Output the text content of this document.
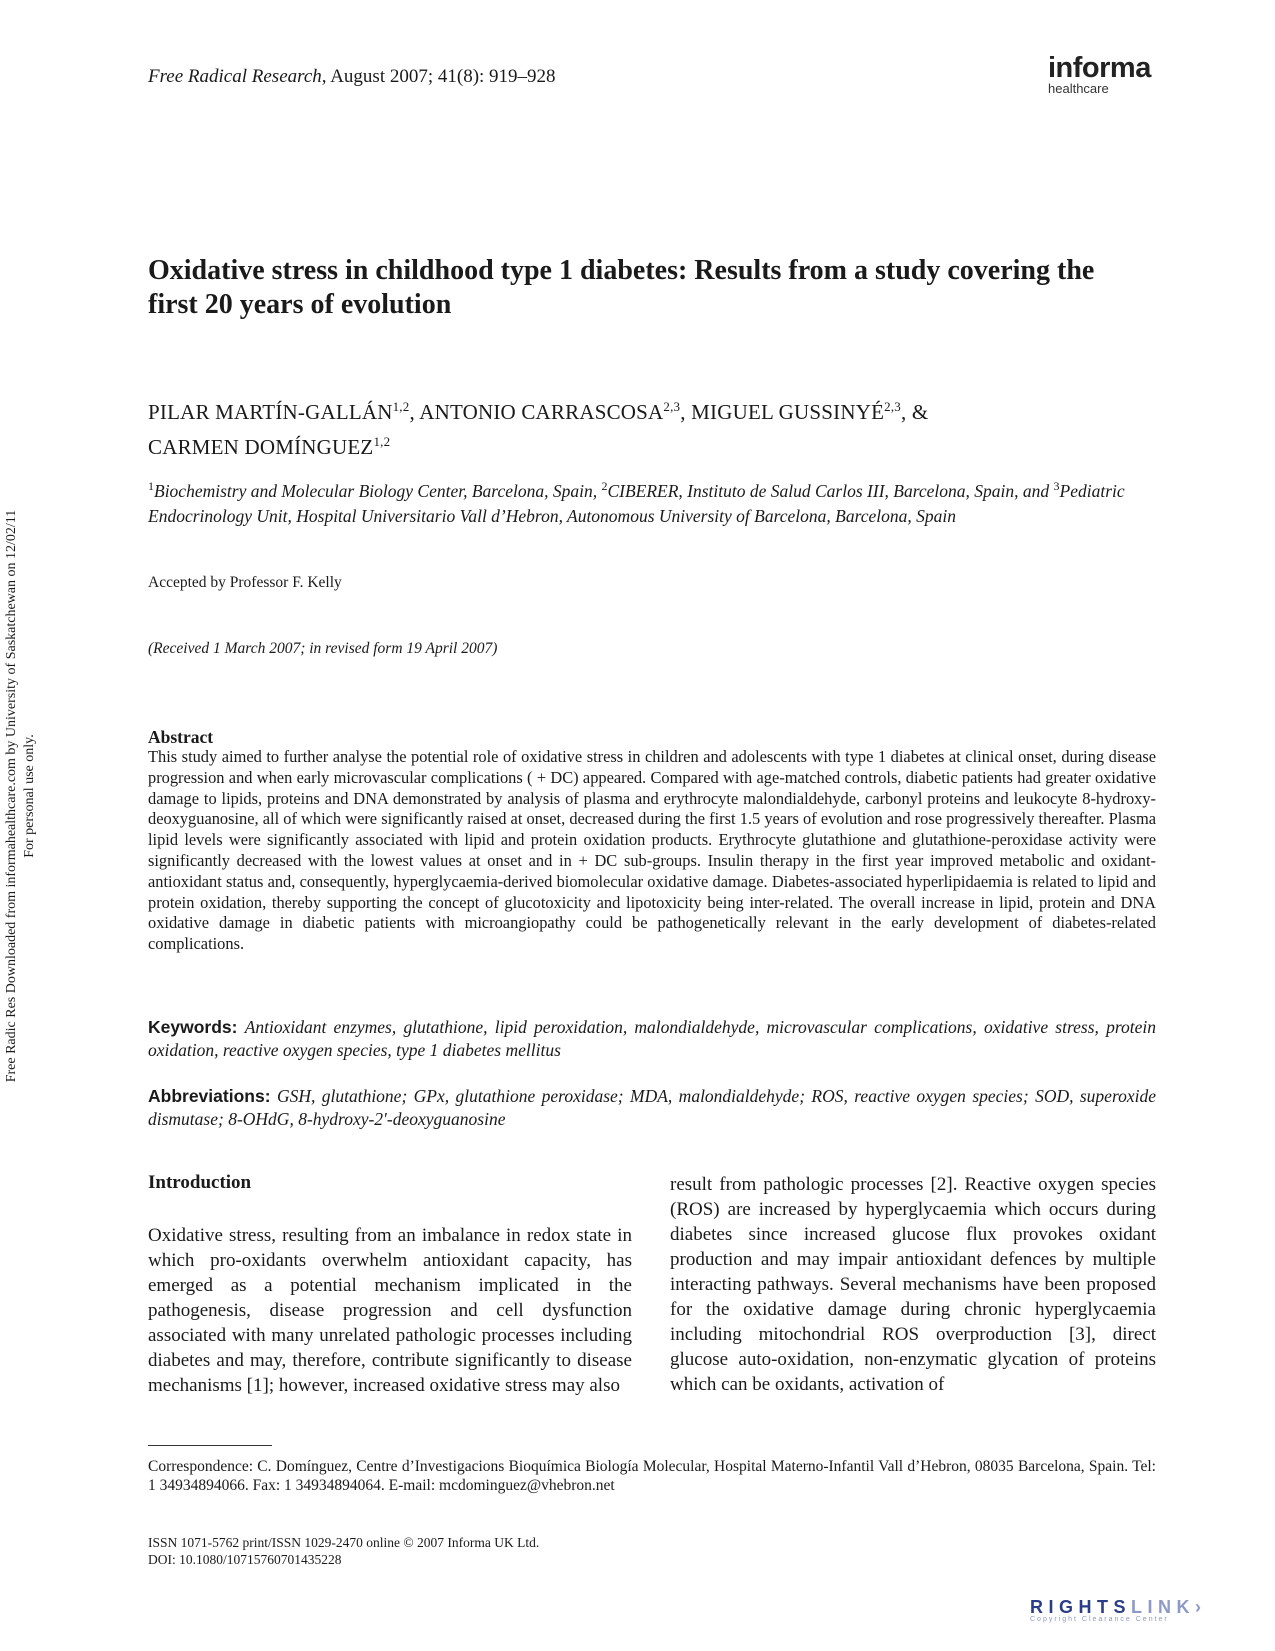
Free Radical Research, August 2007; 41(8): 919–928	informa
healthcare
Oxidative stress in childhood type 1 diabetes: Results from a study covering the first 20 years of evolution
PILAR MARTÍN-GALLÁN$^{1,2}$, ANTONIO CARRASCOSA$^{2,3}$, MIGUEL GUSSINYÉ$^{2,3}$, &
CARMEN DOMÍNGUEZ$^{1,2}$
$^1$Biochemistry and Molecular Biology Center, Barcelona, Spain, $^2$CIBERER, Instituto de Salud Carlos III, Barcelona, Spain, and $^3$Pediatric Endocrinology Unit, Hospital Universitario Vall d’Hebron, Autonomous University of Barcelona, Barcelona, Spain
Accepted by Professor F. Kelly
(Received 1 March 2007; in revised form 19 April 2007)
Abstract
This study aimed to further analyse the potential role of oxidative stress in children and adolescents with type 1 diabetes at clinical onset, during disease progression and when early microvascular complications ( + DC) appeared. Compared with age-matched controls, diabetic patients had greater oxidative damage to lipids, proteins and DNA demonstrated by analysis of plasma and erythrocyte malondialdehyde, carbonyl proteins and leukocyte 8-hydroxy-deoxyguanosine, all of which were significantly raised at onset, decreased during the first 1.5 years of evolution and rose progressively thereafter. Plasma lipid levels were significantly associated with lipid and protein oxidation products. Erythrocyte glutathione and glutathione-peroxidase activity were significantly decreased with the lowest values at onset and in + DC sub-groups. Insulin therapy in the first year improved metabolic and oxidant-antioxidant status and, consequently, hyperglycaemia-derived biomolecular oxidative damage. Diabetes-associated hyperlipidaemia is related to lipid and protein oxidation, thereby supporting the concept of glucotoxicity and lipotoxicity being inter-related. The overall increase in lipid, protein and DNA oxidative damage in diabetic patients with microangiopathy could be pathogenetically relevant in the early development of diabetes-related complications.
Keywords: Antioxidant enzymes, glutathione, lipid peroxidation, malondialdehyde, microvascular complications, oxidative stress, protein oxidation, reactive oxygen species, type 1 diabetes mellitus
Abbreviations: GSH, glutathione; GPx, glutathione peroxidase; MDA, malondialdehyde; ROS, reactive oxygen species; SOD, superoxide dismutase; 8-OHdG, 8-hydroxy-2′-deoxyguanosine
Introduction
Oxidative stress, resulting from an imbalance in redox state in which pro-oxidants overwhelm antioxidant capacity, has emerged as a potential mechanism implicated in the pathogenesis, disease progression and cell dysfunction associated with many unrelated pathologic processes including diabetes and may, therefore, contribute significantly to disease mechanisms [1]; however, increased oxidative stress may also
result from pathologic processes [2]. Reactive oxygen species (ROS) are increased by hyperglycaemia which occurs during diabetes since increased glucose flux provokes oxidant production and may impair antioxidant defences by multiple interacting pathways. Several mechanisms have been proposed for the oxidative damage during chronic hyperglycaemia including mitochondrial ROS overproduction [3], direct glucose auto-oxidation, non-enzymatic glycation of proteins which can be oxidants, activation of
Correspondence: C. Domínguez, Centre d’Investigacions Bioquímica Biología Molecular, Hospital Materno-Infantil Vall d’Hebron, 08035 Barcelona, Spain. Tel: 1 34934894066. Fax: 1 34934894064. E-mail: mcdominguez@vhebron.net
ISSN 1071-5762 print/ISSN 1029-2470 online © 2007 Informa UK Ltd.
DOI: 10.1080/10715760701435228
Free Radic Res Downloaded from informahealthcare.com by University of Saskatchewan on 12/02/11 For personal use only.
RIGHTSLINK›
Copyright Clearance Center
